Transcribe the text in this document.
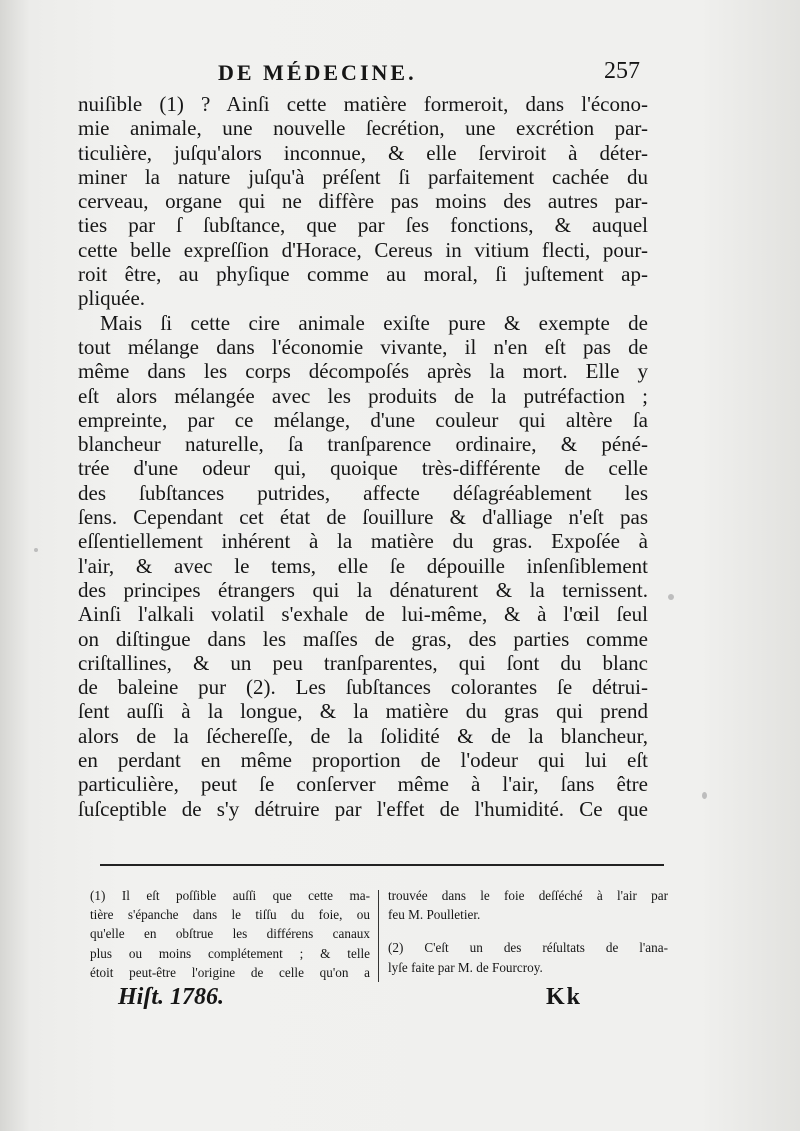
DE MÉDECINE.	257
nuiſible (1) ? Ainſi cette matière formeroit, dans l'écono-
mie animale, une nouvelle ſecrétion, une excrétion par-
ticulière, juſqu'alors inconnue, & elle ſerviroit à déter-
miner la nature juſqu'à préſent ſi parfaitement cachée du
cerveau, organe qui ne diffère pas moins des autres par-
ties par ſ ſubſtance, que par ſes fonctions, & auquel
cette belle expreſſion d'Horace, Cereus in vitium flecti, pour-
roit être, au phyſique comme au moral, ſi juſtement ap-
pliquée.
Mais ſi cette cire animale exiſte pure & exempte de
tout mélange dans l'économie vivante, il n'en eſt pas de
même dans les corps décompoſés après la mort. Elle y
eſt alors mélangée avec les produits de la putréfaction ;
empreinte, par ce mélange, d'une couleur qui altère ſa
blancheur naturelle, ſa tranſparence ordinaire, & péné-
trée d'une odeur qui, quoique très-différente de celle
des ſubſtances putrides, affecte déſagréablement les
ſens. Cependant cet état de ſouillure & d'alliage n'eſt pas
eſſentiellement inhérent à la matière du gras. Expoſée à
l'air, & avec le tems, elle ſe dépouille inſenſiblement
des principes étrangers qui la dénaturent & la ternissent.
Ainſi l'alkali volatil s'exhale de lui-même, & à l'œil ſeul
on diſtingue dans les maſſes de gras, des parties comme
criſtallines, & un peu tranſparentes, qui ſont du blanc
de baleine pur (2). Les ſubſtances colorantes ſe détrui-
ſent auſſi à la longue, & la matière du gras qui prend
alors de la ſéchereſſe, de la ſolidité & de la blancheur,
en perdant en même proportion de l'odeur qui lui eſt
particulière, peut ſe conſerver même à l'air, ſans être
ſuſceptible de s'y détruire par l'effet de l'humidité. Ce que
(1) Il eſt poſſible auſſi que cette ma-
tière s'épanche dans le tiſſu du foie, ou
qu'elle en obſtrue les différens canaux
plus ou moins complétement ; & telle
étoit peut-être l'origine de celle qu'on a
trouvée dans le foie deſſéché à l'air par
feu M. Poulletier.
(2) C'eſt un des réſultats de l'ana-
lyſe faite par M. de Fourcroy.
Hiſt. 1786.	Kk
